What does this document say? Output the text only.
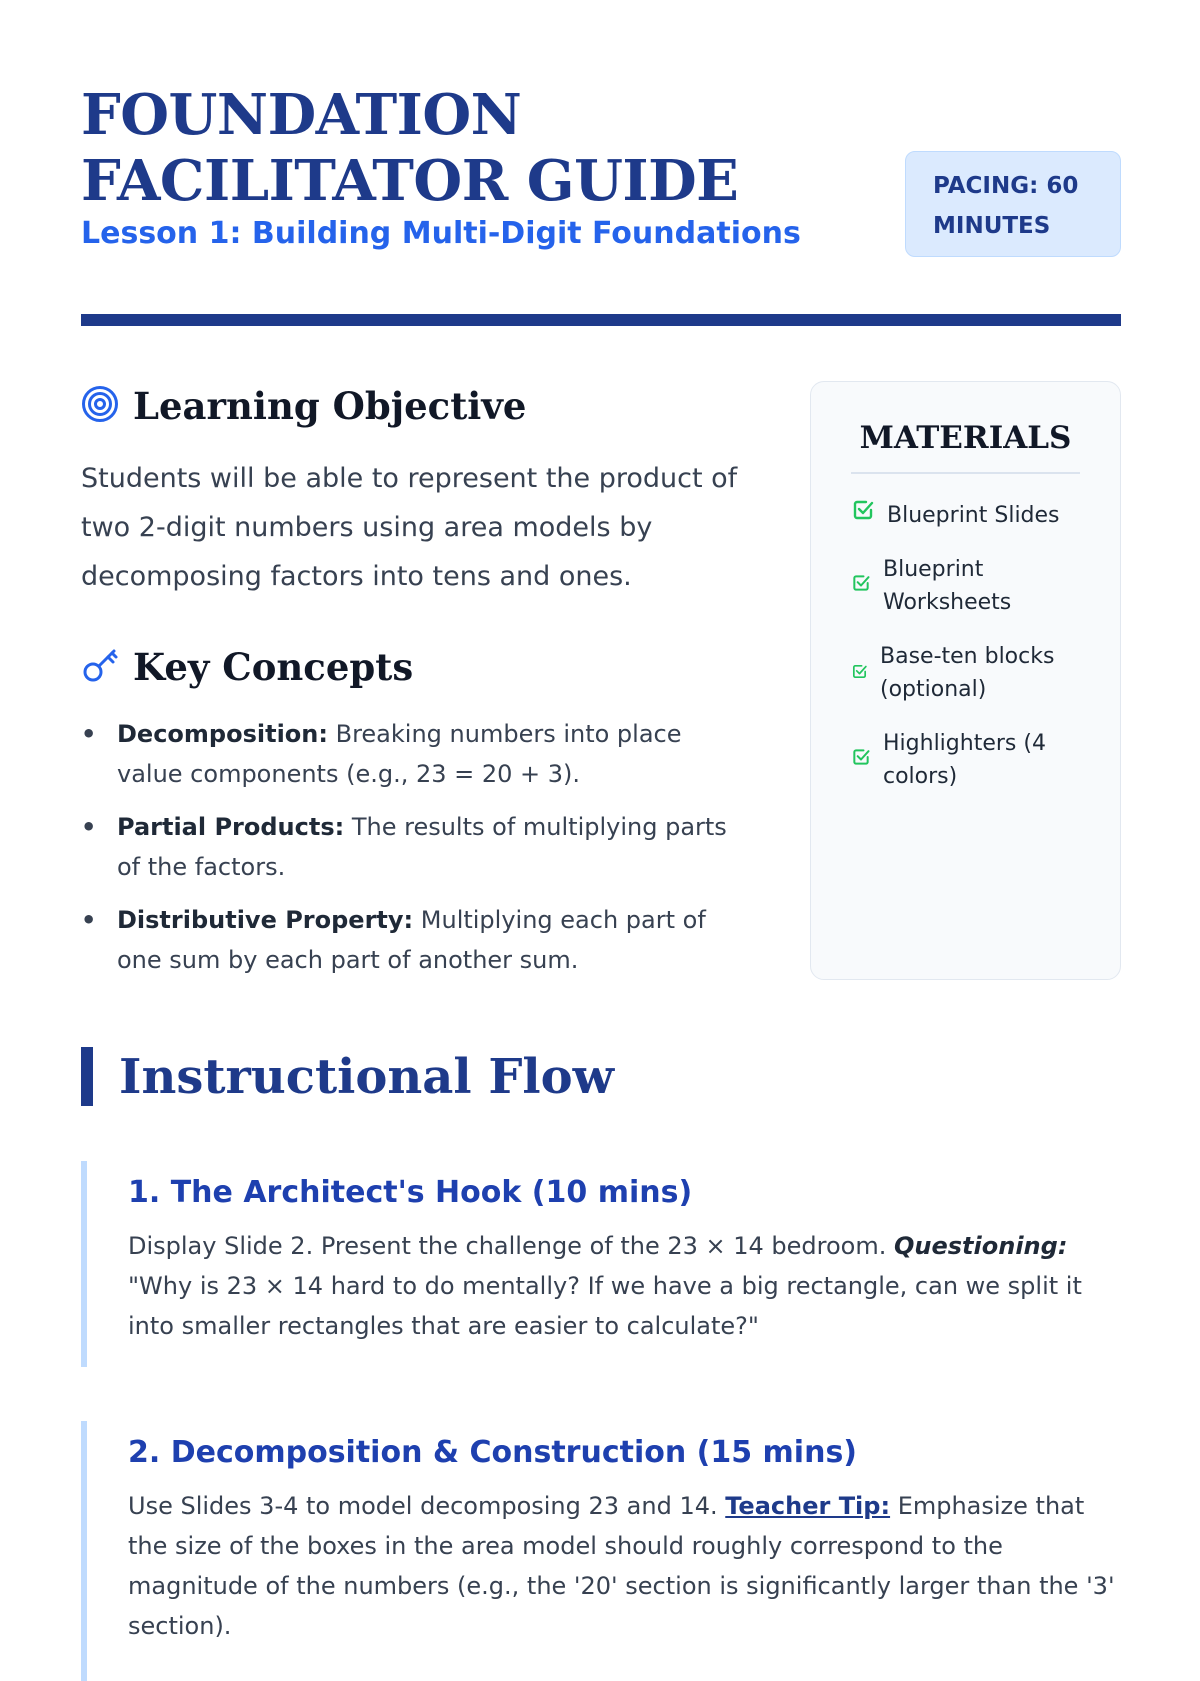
FOUNDATION
FACILITATOR GUIDE
Lesson 1: Building Multi-Digit Foundations
PACING: 60
MINUTES
Learning Objective

Students will be able to represent the product of two 2-digit numbers using area models by decomposing factors into tens and ones.

Key Concepts
• Decomposition: Breaking numbers into place value components (e.g., 23 = 20 + 3).
• Partial Products: The results of multiplying parts of the factors.
• Distributive Property: Multiplying each part of one sum by each part of another sum.
MATERIALS
Blueprint Slides
Blueprint Worksheets
Base-ten blocks (optional)
Highlighters (4 colors)
Instructional Flow
1. The Architect's Hook (10 mins)

Display Slide 2. Present the challenge of the 23 × 14 bedroom. Questioning: "Why is 23 × 14 hard to do mentally? If we have a big rectangle, can we split it into smaller rectangles that are easier to calculate?"

2. Decomposition & Construction (15 mins)

Use Slides 3-4 to model decomposing 23 and 14. Teacher Tip: Emphasize that the size of the boxes in the area model should roughly correspond to the magnitude of the numbers (e.g., the '20' section is significantly larger than the '3' section).
